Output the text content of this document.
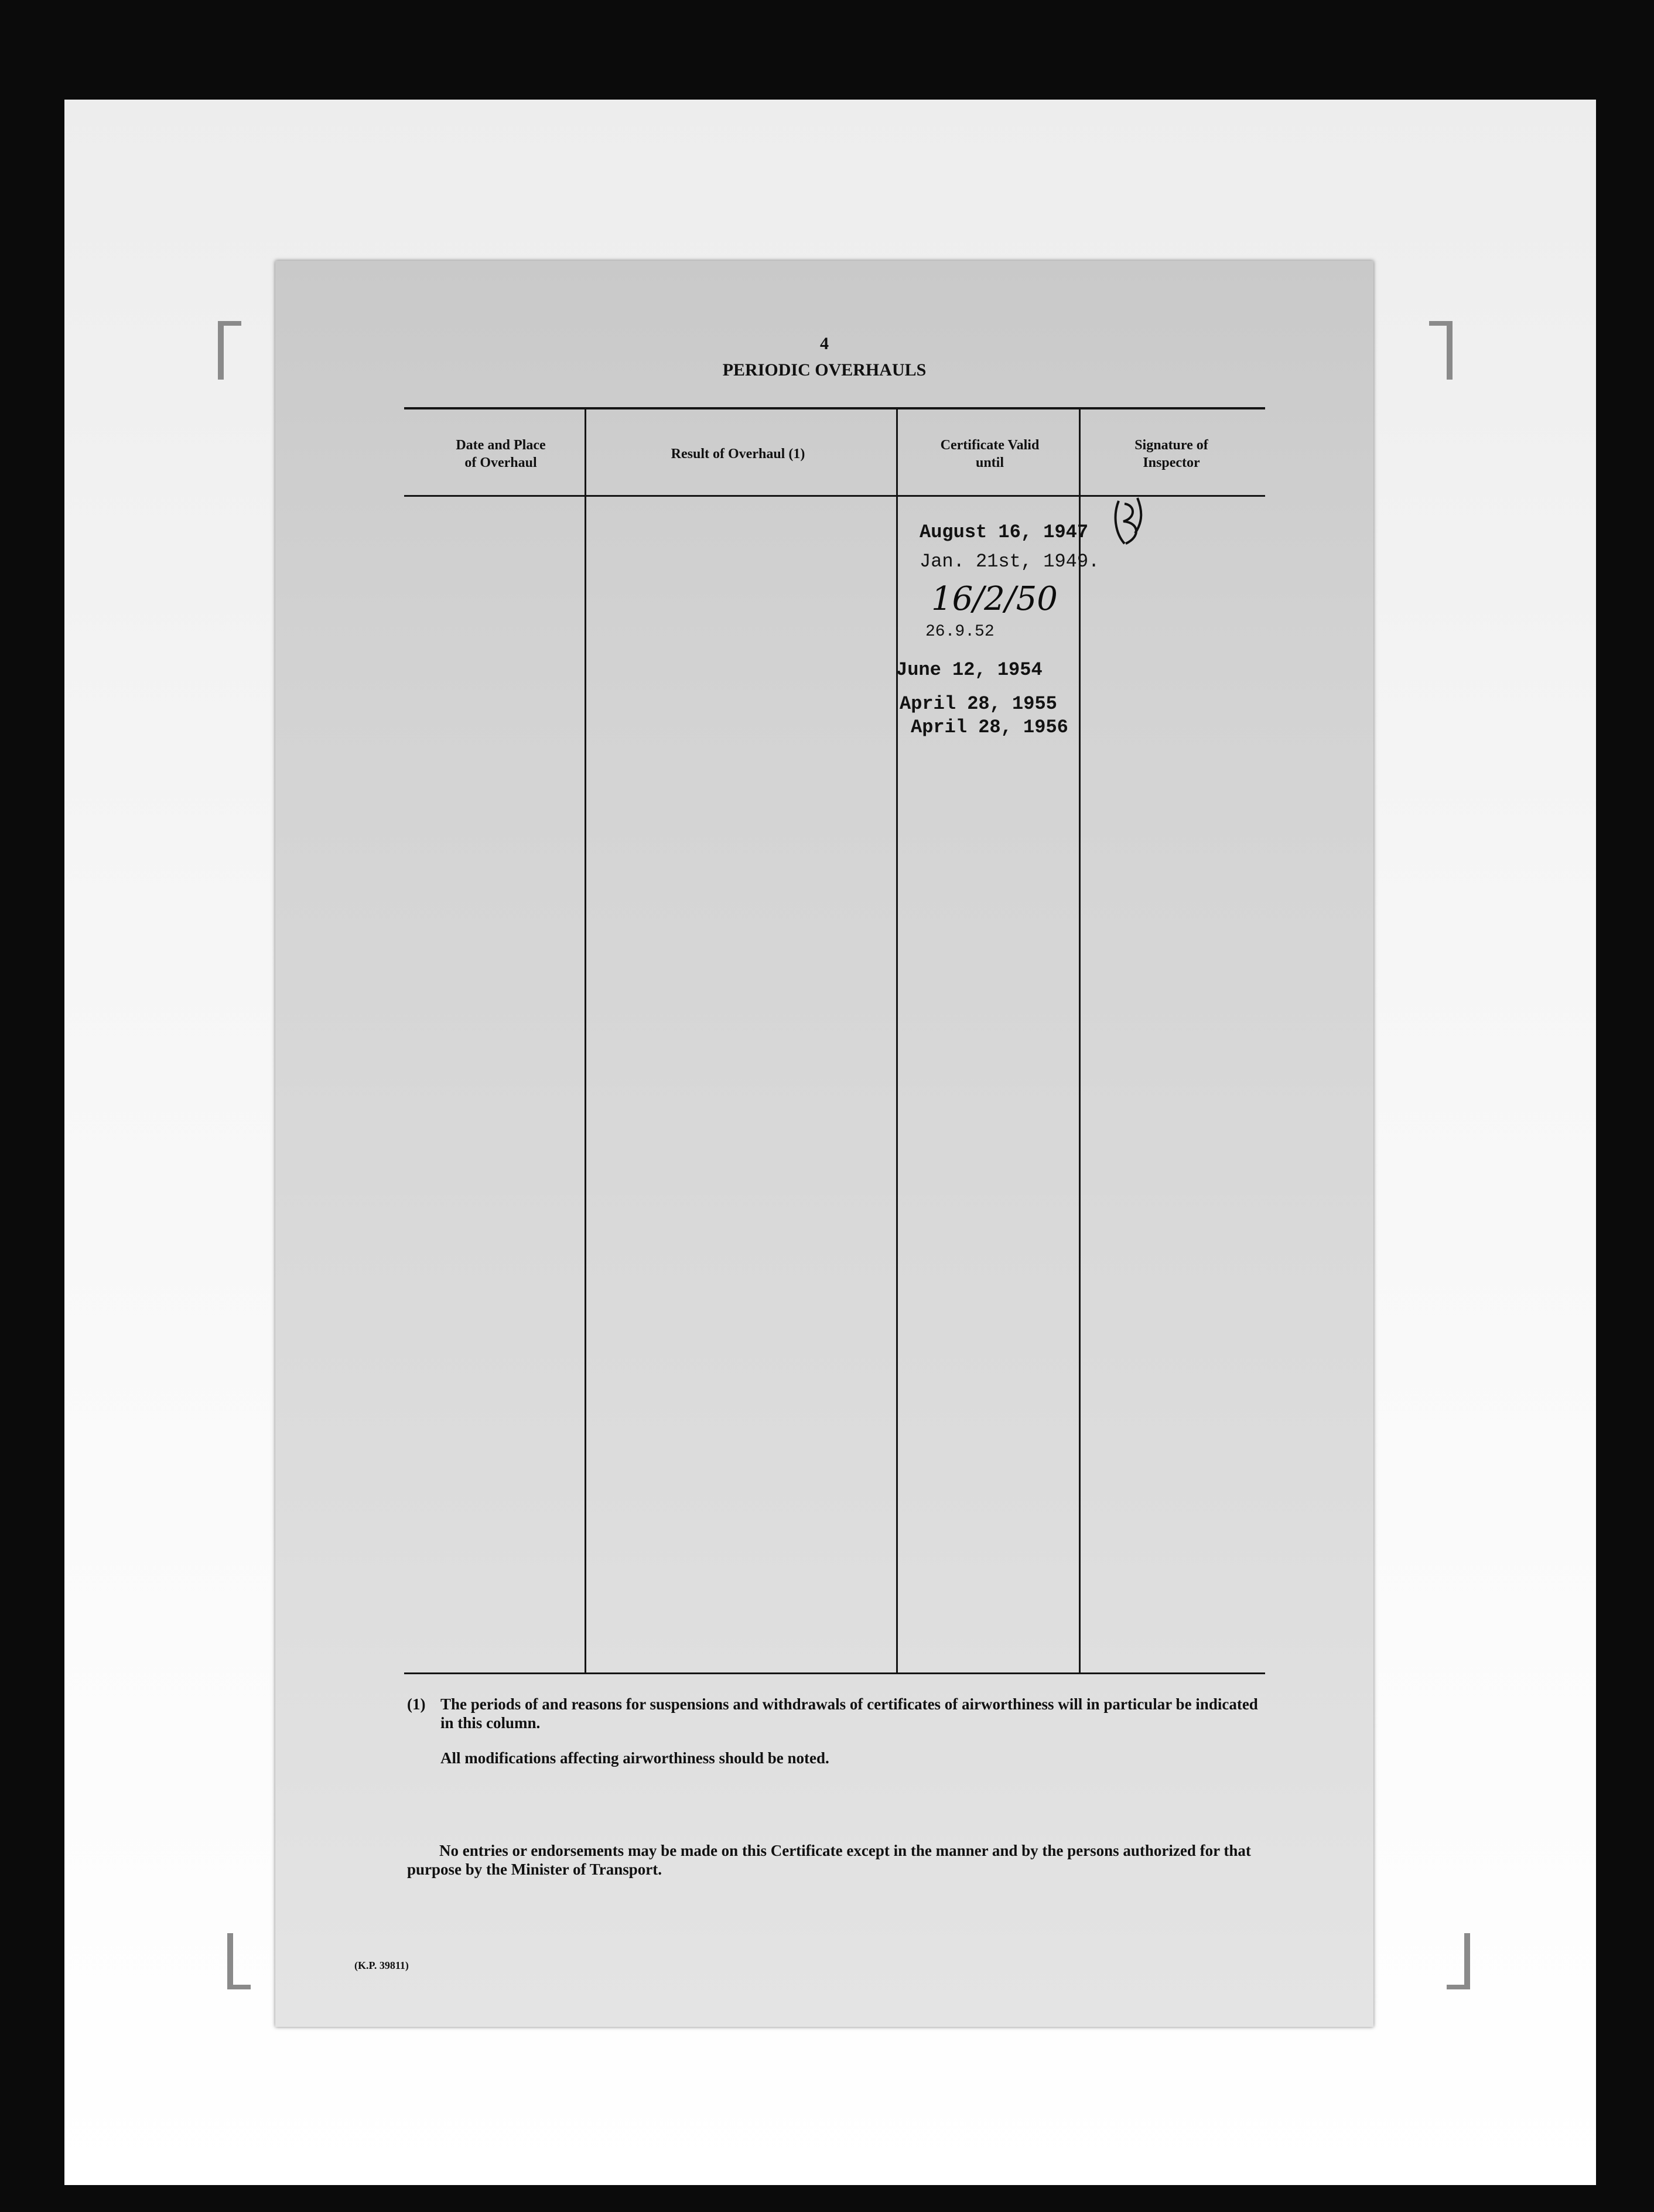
4
PERIODIC OVERHAULS
Date and Place of Overhaul
Result of Overhaul (1)
Certificate Valid until
Signature of Inspector
August 16, 1947
Jan. 21st, 1949.
16/2/50
26.9.52
June 12, 1954
April 28, 1955
April 28, 1956
(1) The periods of and reasons for suspensions and withdrawals of certificates of airworthiness will in particular be indicated in this column.
All modifications affecting airworthiness should be noted.
No entries or endorsements may be made on this Certificate except in the manner and by the persons authorized for that purpose by the Minister of Transport.
(K.P. 39811)
